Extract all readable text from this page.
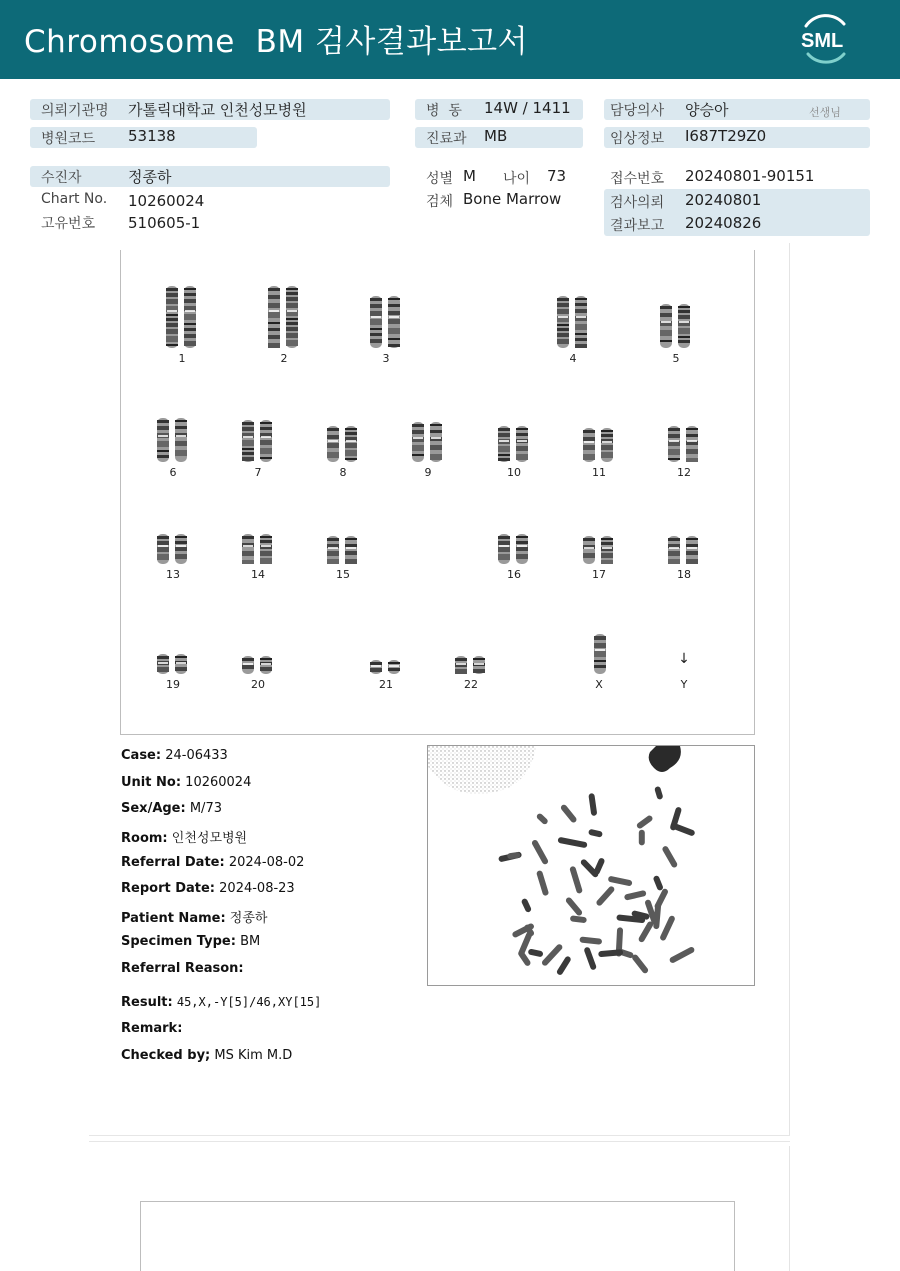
Chromosome  BM 검사결과보고서	SML
의뢰기관명 가톨릭대학교 인천성모병원
병원코드 53138
병  동 14W / 1411
진료과 MB
담당의사 양승아	선생님
임상정보 I687T29Z0
수진자	정종하
Chart No. 10260024
고유번호 510605-1
성별 M 나이 73
검체 Bone Marrow
접수번호 20240801-90151
검사의뢰 20240801
결과보고 20240826
1	2	3	4	5
6	7	8	9	10	11	12
13	14	15	16	17	18
19	20	21	22	X
↓
Y
Case: 24-06433
Unit No: 10260024
Sex/Age: M/73
Room: 인천성모병원
Referral Date: 2024-08-02
Report Date: 2024-08-23
Patient Name: 정종하
Specimen Type: BM
Referral Reason:
Result: 45,X,-Y[5]/46,XY[15]
Remark:
Checked by; MS Kim M.D
